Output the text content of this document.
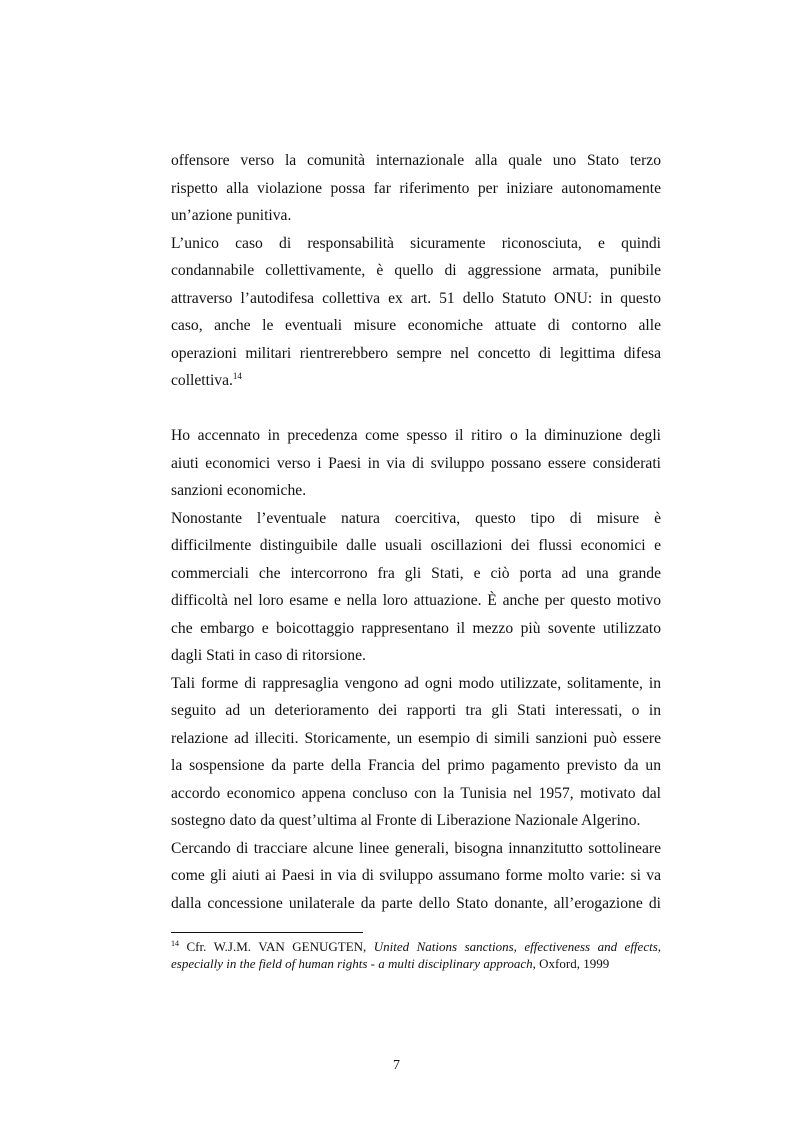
offensore verso la comunità internazionale alla quale uno Stato terzo
rispetto alla violazione possa far riferimento per iniziare autonomamente
un’azione punitiva.
L’unico caso di responsabilità sicuramente riconosciuta, e quindi
condannabile collettivamente, è quello di aggressione armata, punibile
attraverso l’autodifesa collettiva ex art. 51 dello Statuto ONU: in questo
caso, anche le eventuali misure economiche attuate di contorno alle
operazioni militari rientrerebbero sempre nel concetto di legittima difesa
collettiva.$^{14}$
Ho accennato in precedenza come spesso il ritiro o la diminuzione degli
aiuti economici verso i Paesi in via di sviluppo possano essere considerati
sanzioni economiche.
Nonostante l’eventuale natura coercitiva, questo tipo di misure è
difficilmente distinguibile dalle usuali oscillazioni dei flussi economici e
commerciali che intercorrono fra gli Stati, e ciò porta ad una grande
difficoltà nel loro esame e nella loro attuazione. È anche per questo motivo
che embargo e boicottaggio rappresentano il mezzo più sovente utilizzato
dagli Stati in caso di ritorsione.
Tali forme di rappresaglia vengono ad ogni modo utilizzate, solitamente, in
seguito ad un deterioramento dei rapporti tra gli Stati interessati, o in
relazione ad illeciti. Storicamente, un esempio di simili sanzioni può essere
la sospensione da parte della Francia del primo pagamento previsto da un
accordo economico appena concluso con la Tunisia nel 1957, motivato dal
sostegno dato da quest’ultima al Fronte di Liberazione Nazionale Algerino.
Cercando di tracciare alcune linee generali, bisogna innanzitutto sottolineare
come gli aiuti ai Paesi in via di sviluppo assumano forme molto varie: si va
dalla concessione unilaterale da parte dello Stato donante, all’erogazione di
$^{14}$ Cfr. W.J.M. VAN GENUGTEN, United Nations sanctions, effectiveness and effects,
especially in the field of human rights - a multi disciplinary approach, Oxford, 1999
7
